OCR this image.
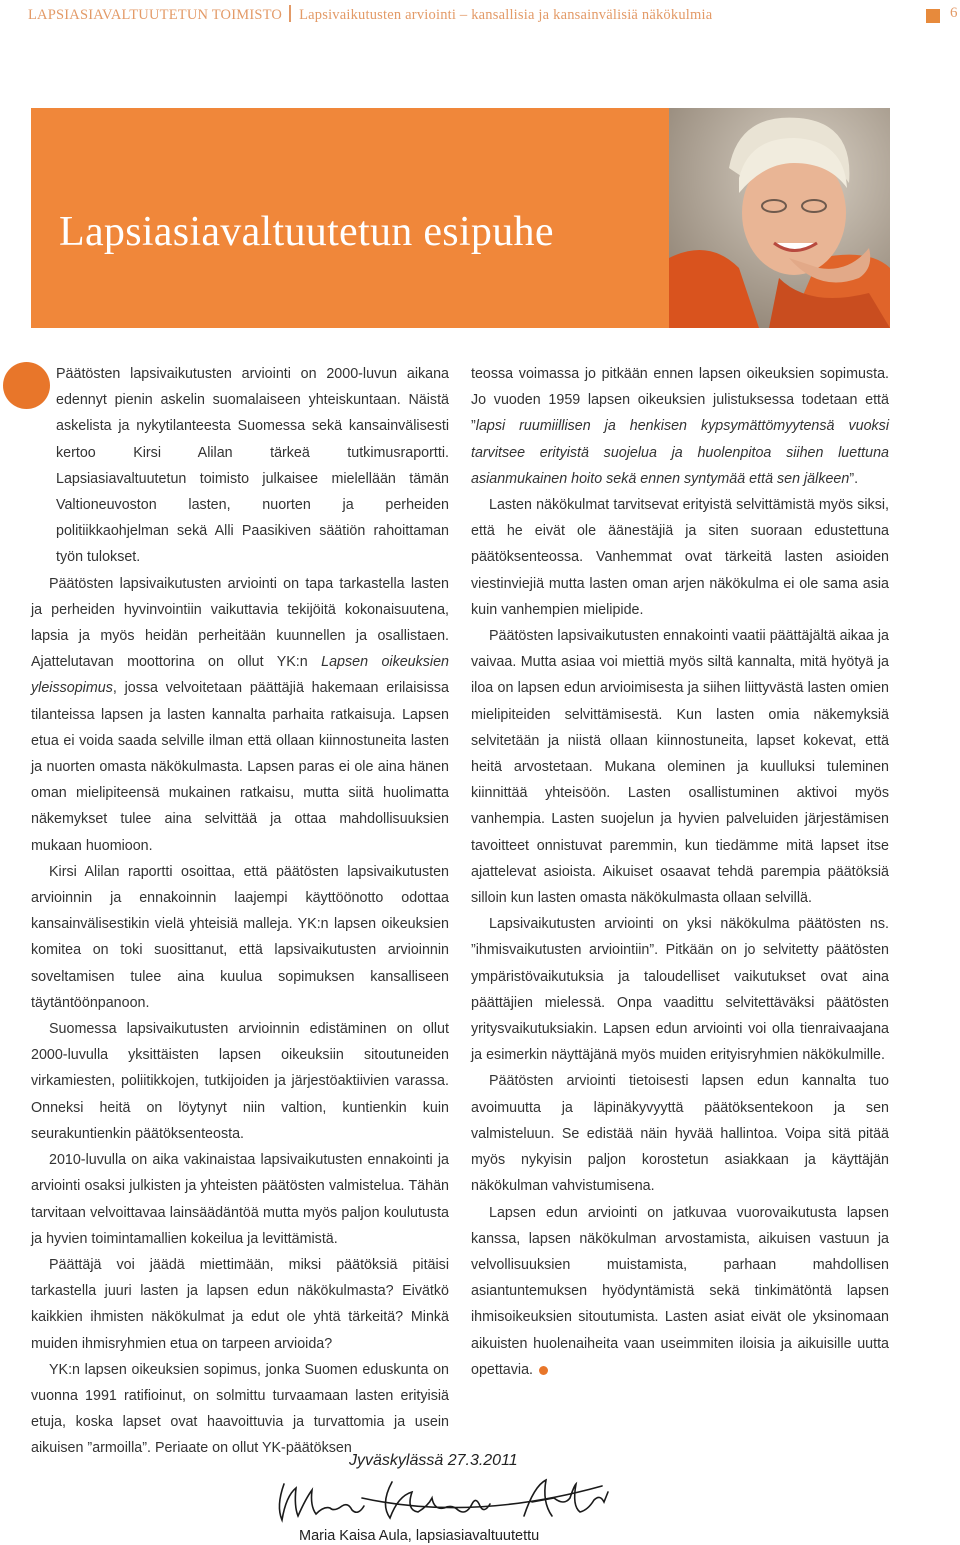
LAPSIASIAVALTUUTETUN TOIMISTO Lapsivaikutusten arviointi – kansallisia ja kansainvälisiä näkökulmia	6
Lapsiasiavaltuutetun esipuhe

Päätösten lapsivaikutusten arviointi on 2000-luvun aikana edennyt pienin askelin suomalaiseen yhteiskuntaan. Näistä askelista ja nykytilanteesta Suomessa sekä kansainvälisesti kertoo Kirsi Alilan tärkeä tutkimusraportti. Lapsiasiavaltuutetun toimisto julkaisee mielellään tämän Valtioneuvoston lasten, nuorten ja perheiden politiikkaohjelman sekä Alli Paasikiven säätiön rahoittaman työn tulokset.

Päätösten lapsivaikutusten arviointi on tapa tarkastella lasten ja perheiden hyvinvointiin vaikuttavia tekijöitä kokonaisuutena, lapsia ja myös heidän perheitään kuunnellen ja osallistaen. Ajattelutavan moottorina on ollut YK:n Lapsen oikeuksien yleissopimus, jossa velvoitetaan päättäjiä hakemaan erilaisissa tilanteissa lapsen ja lasten kannalta parhaita ratkaisuja. Lapsen etua ei voida saada selville ilman että ollaan kiinnostuneita lasten ja nuorten omasta näkökulmasta. Lapsen paras ei ole aina hänen oman mielipiteensä mukainen ratkaisu, mutta siitä huolimatta näkemykset tulee aina selvittää ja ottaa mahdollisuuksien mukaan huomioon.

Kirsi Alilan raportti osoittaa, että päätösten lapsivaikutusten arvioinnin ja ennakoinnin laajempi käyttöönotto odottaa kansainvälisestikin vielä yhteisiä malleja. YK:n lapsen oikeuksien komitea on toki suosittanut, että lapsivaikutusten arvioinnin soveltamisen tulee aina kuulua sopimuksen kansalliseen täytäntöönpanoon.

Suomessa lapsivaikutusten arvioinnin edistäminen on ollut 2000-luvulla yksittäisten lapsen oikeuksiin sitoutuneiden virkamiesten, poliitikkojen, tutkijoiden ja järjestöaktiivien varassa. Onneksi heitä on löytynyt niin valtion, kuntienkin kuin seurakuntienkin päätöksenteosta.

2010-luvulla on aika vakinaistaa lapsivaikutusten ennakointi ja arviointi osaksi julkisten ja yhteisten päätösten valmistelua. Tähän tarvitaan velvoittavaa lainsäädäntöä mutta myös paljon koulutusta ja hyvien toimintamallien kokeilua ja levittämistä.

Päättäjä voi jäädä miettimään, miksi päätöksiä pitäisi tarkastella juuri lasten ja lapsen edun näkökulmasta? Eivätkö kaikkien ihmisten näkökulmat ja edut ole yhtä tärkeitä? Minkä muiden ihmisryhmien etua on tarpeen arvioida?

YK:n lapsen oikeuksien sopimus, jonka Suomen eduskunta on vuonna 1991 ratifioinut, on solmittu turvaamaan lasten erityisiä etuja, koska lapset ovat haavoittuvia ja turvattomia ja usein aikuisen ”armoilla”. Periaate on ollut YK-päätöksen

teossa voimassa jo pitkään ennen lapsen oikeuksien sopimusta. Jo vuoden 1959 lapsen oikeuksien julistuksessa todetaan että ”lapsi ruumiillisen ja henkisen kypsymättömyytensä vuoksi tarvitsee erityistä suojelua ja huolenpitoa siihen luettuna asianmukainen hoito sekä ennen syntymää että sen jälkeen”.

Lasten näkökulmat tarvitsevat erityistä selvittämistä myös siksi, että he eivät ole äänestäjiä ja siten suoraan edustettuna päätöksenteossa. Vanhemmat ovat tärkeitä lasten asioiden viestinviejiä mutta lasten oman arjen näkökulma ei ole sama asia kuin vanhempien mielipide.

Päätösten lapsivaikutusten ennakointi vaatii päättäjältä aikaa ja vaivaa. Mutta asiaa voi miettiä myös siltä kannalta, mitä hyötyä ja iloa on lapsen edun arvioimisesta ja siihen liittyvästä lasten omien mielipiteiden selvittämisestä. Kun lasten omia näkemyksiä selvitetään ja niistä ollaan kiinnostuneita, lapset kokevat, että heitä arvostetaan. Mukana oleminen ja kuulluksi tuleminen kiinnittää yhteisöön. Lasten osallistuminen aktivoi myös vanhempia. Lasten suojelun ja hyvien palveluiden järjestämisen tavoitteet onnistuvat paremmin, kun tiedämme mitä lapset itse ajattelevat asioista. Aikuiset osaavat tehdä parempia päätöksiä silloin kun lasten omasta näkökulmasta ollaan selvillä.

Lapsivaikutusten arviointi on yksi näkökulma päätösten ns. ”ihmisvaikutusten arviointiin”. Pitkään on jo selvitetty päätösten ympäristövaikutuksia ja taloudelliset vaikutukset ovat aina päättäjien mielessä. Onpa vaadittu selvitettäväksi päätösten yritysvaikutuksiakin. Lapsen edun arviointi voi olla tienraivaajana ja esimerkin näyttäjänä myös muiden erityisryhmien näkökulmille.

Päätösten arviointi tietoisesti lapsen edun kannalta tuo avoimuutta ja läpinäkyvyyttä päätöksentekoon ja sen valmisteluun. Se edistää näin hyvää hallintoa. Voipa sitä pitää myös nykyisin paljon korostetun asiakkaan ja käyttäjän näkökulman vahvistumisena.

Lapsen edun arviointi on jatkuvaa vuorovaikutusta lapsen kanssa, lapsen näkökulman arvostamista, aikuisen vastuun ja velvollisuuksien muistamista, parhaan mahdollisen asiantuntemuksen hyödyntämistä sekä tinkimätöntä lapsen ihmisoikeuksien sitoutumista. Lasten asiat eivät ole yksinomaan aikuisten huolenaiheita vaan useimmiten iloisia ja aikuisille uutta opettavia.

Jyväskylässä 27.3.2011
Maria Kaisa Aula, lapsiasiavaltuutettu
